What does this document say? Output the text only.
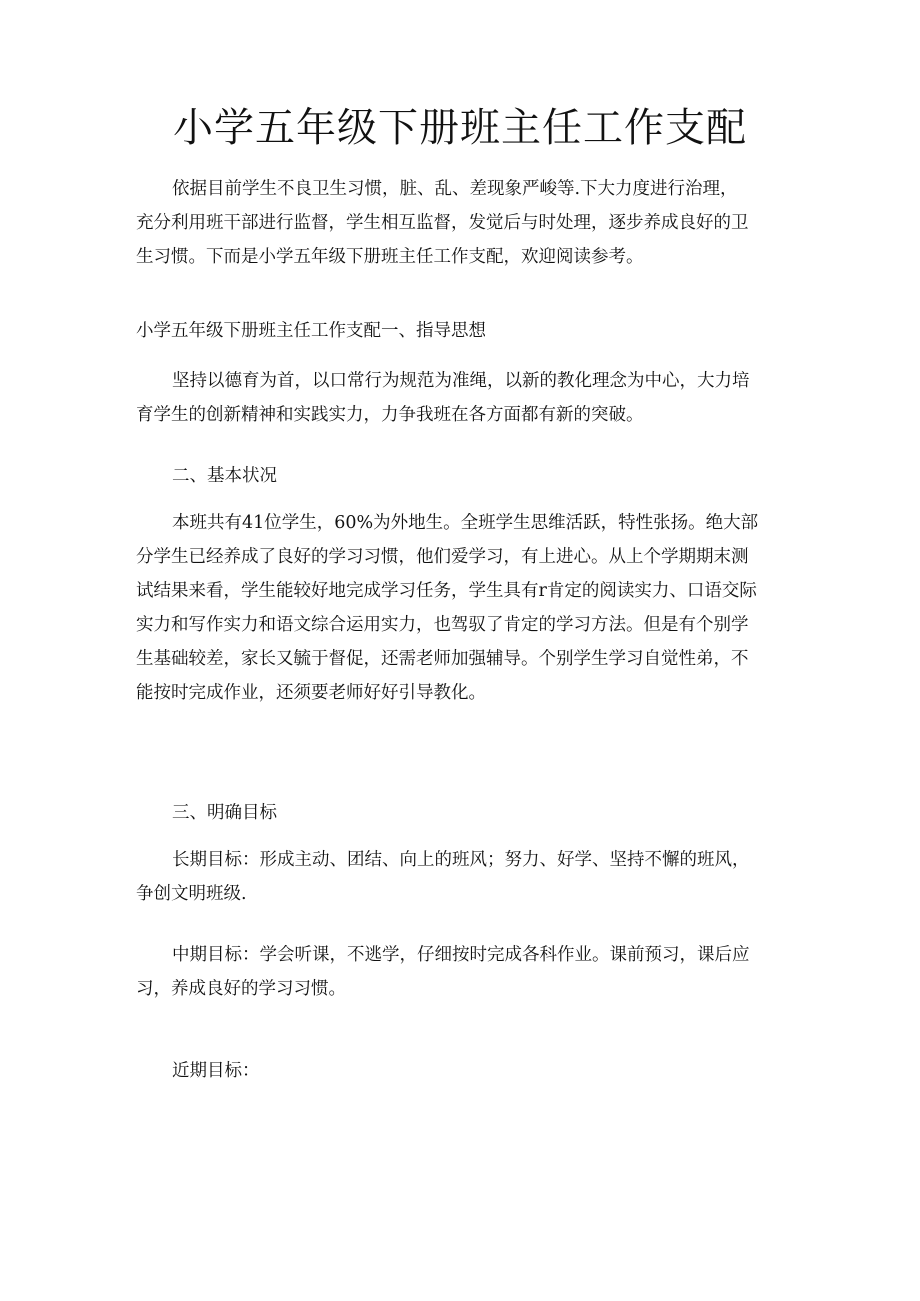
小学五年级下册班主任工作支配

依据目前学生不良卫生习惯，脏、乱、差现象严峻等.下大力度进行治理，
充分利用班干部进行监督，学生相互监督，发觉后与时处理，逐步养成良好的卫
生习惯。下而是小学五年级下册班主任工作支配，欢迎阅读参考。

小学五年级下册班主任工作支配一、指导思想

坚持以德育为首，以口常行为规范为准绳，以新的教化理念为中心，大力培
育学生的创新精神和实践实力，力争我班在各方面都有新的突破。

二、基本状况

本班共有41位学生，60%为外地生。全班学生思维活跃，特性张扬。绝大部
分学生已经养成了良好的学习习惯，他们爱学习，有上进心。从上个学期期末测
试结果来看，学生能较好地完成学习任务，学生具有r肯定的阅读实力、口语交际
实力和写作实力和语文综合运用实力，也驾驭了肯定的学习方法。但是有个别学
生基础较差，家长又毓于督促，还需老师加强辅导。个别学生学习自觉性弟，不
能按时完成作业，还须要老师好好引导教化。

三、明确目标

长期目标：形成主动、团结、向上的班风；努力、好学、坚持不懈的班风，
争创文明班级.

中期目标：学会听课，不逃学，仔细按时完成各科作业。课前预习，课后应
习，养成良好的学习习惯。

近期目标：
